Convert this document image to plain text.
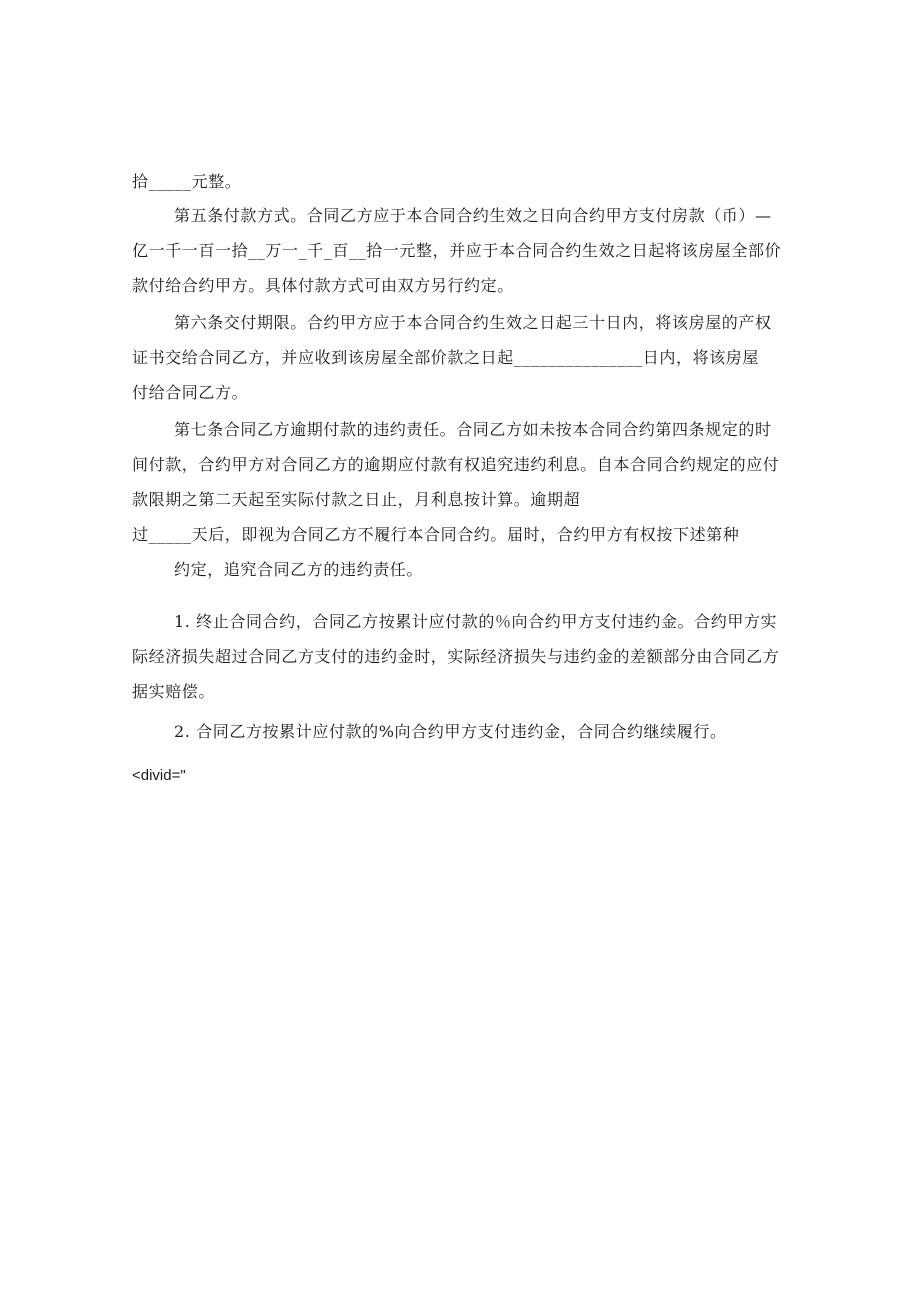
拾_____元整。
第五条付款方式。合同乙方应于本合同合约生效之日向合约甲方支付房款（币）—
亿一千一百一拾__万一_千_百__拾一元整，并应于本合同合约生效之日起将该房屋全部价
款付给合约甲方。具体付款方式可由双方另行约定。
第六条交付期限。合约甲方应于本合同合约生效之日起三十日内，将该房屋的产权
证书交给合同乙方，并应收到该房屋全部价款之日起_______________日内，将该房屋
付给合同乙方。
第七条合同乙方逾期付款的违约责任。合同乙方如未按本合同合约第四条规定的时
间付款，合约甲方对合同乙方的逾期应付款有权追究违约利息。自本合同合约规定的应付
款限期之第二天起至实际付款之日止，月利息按计算。逾期超
过_____天后，即视为合同乙方不履行本合同合约。届时，合约甲方有权按下述第种
约定，追究合同乙方的违约责任。
1. 终止合同合约，合同乙方按累计应付款的％向合约甲方支付违约金。合约甲方实
际经济损失超过合同乙方支付的违约金时，实际经济损失与违约金的差额部分由合同乙方
据实赔偿。
2. 合同乙方按累计应付款的%向合约甲方支付违约金，合同合约继续履行。
<divid="
